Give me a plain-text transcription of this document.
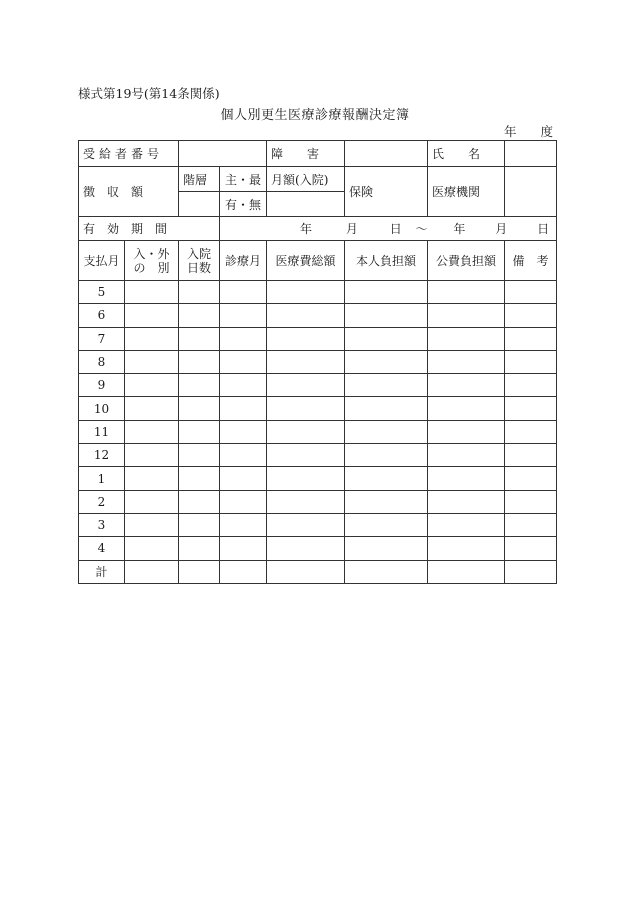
様式第19号(第14条関係)
個人別更生医療診療報酬決定簿
年 度
受給者番号				障　　害		氏　　名	
徴　収　額		階層	主・最	月額(入院)	保険	医療機関	
			有・無				
有　効　期　間			年 月 日 ～ 年 月 日				
支払月	入・外 の　別	入院 日数	診療月	医療費総額	本人負担額	公費負担額	備　考
5							
6							
7							
8							
9							
10							
11							
12							
1							
2							
3							
4							
計							
